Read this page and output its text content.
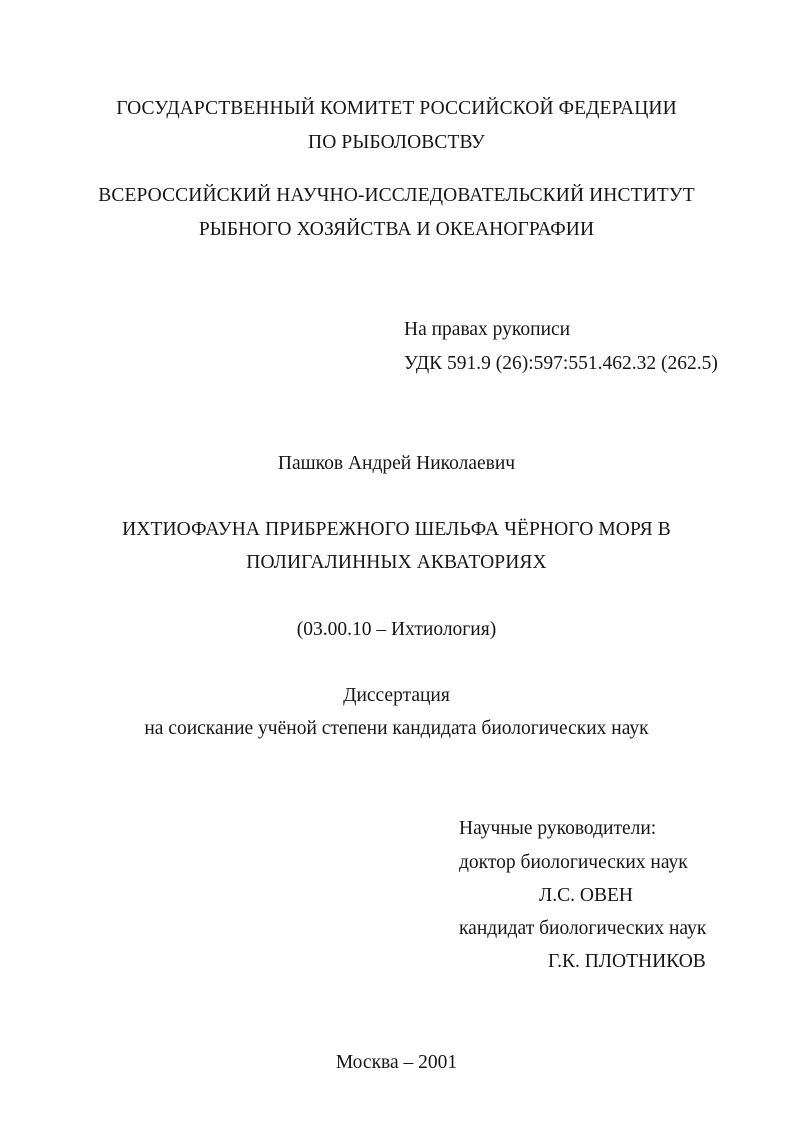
ГОСУДАРСТВЕННЫЙ КОМИТЕТ РОССИЙСКОЙ ФЕДЕРАЦИИ
ПО РЫБОЛОВСТВУ
ВСЕРОССИЙСКИЙ НАУЧНО-ИССЛЕДОВАТЕЛЬСКИЙ ИНСТИТУТ
РЫБНОГО ХОЗЯЙСТВА И ОКЕАНОГРАФИИ
На правах рукописи
УДК 591.9 (26):597:551.462.32 (262.5)
Пашков Андрей Николаевич
ИХТИОФАУНА ПРИБРЕЖНОГО ШЕЛЬФА ЧЁРНОГО МОРЯ В
ПОЛИГАЛИННЫХ АКВАТОРИЯХ
(03.00.10 – Ихтиология)
Диссертация
на соискание учёной степени кандидата биологических наук
Научные руководители:
доктор биологических наук
Л.С. ОВЕН
кандидат биологических наук
Г.К. ПЛОТНИКОВ
Москва – 2001
